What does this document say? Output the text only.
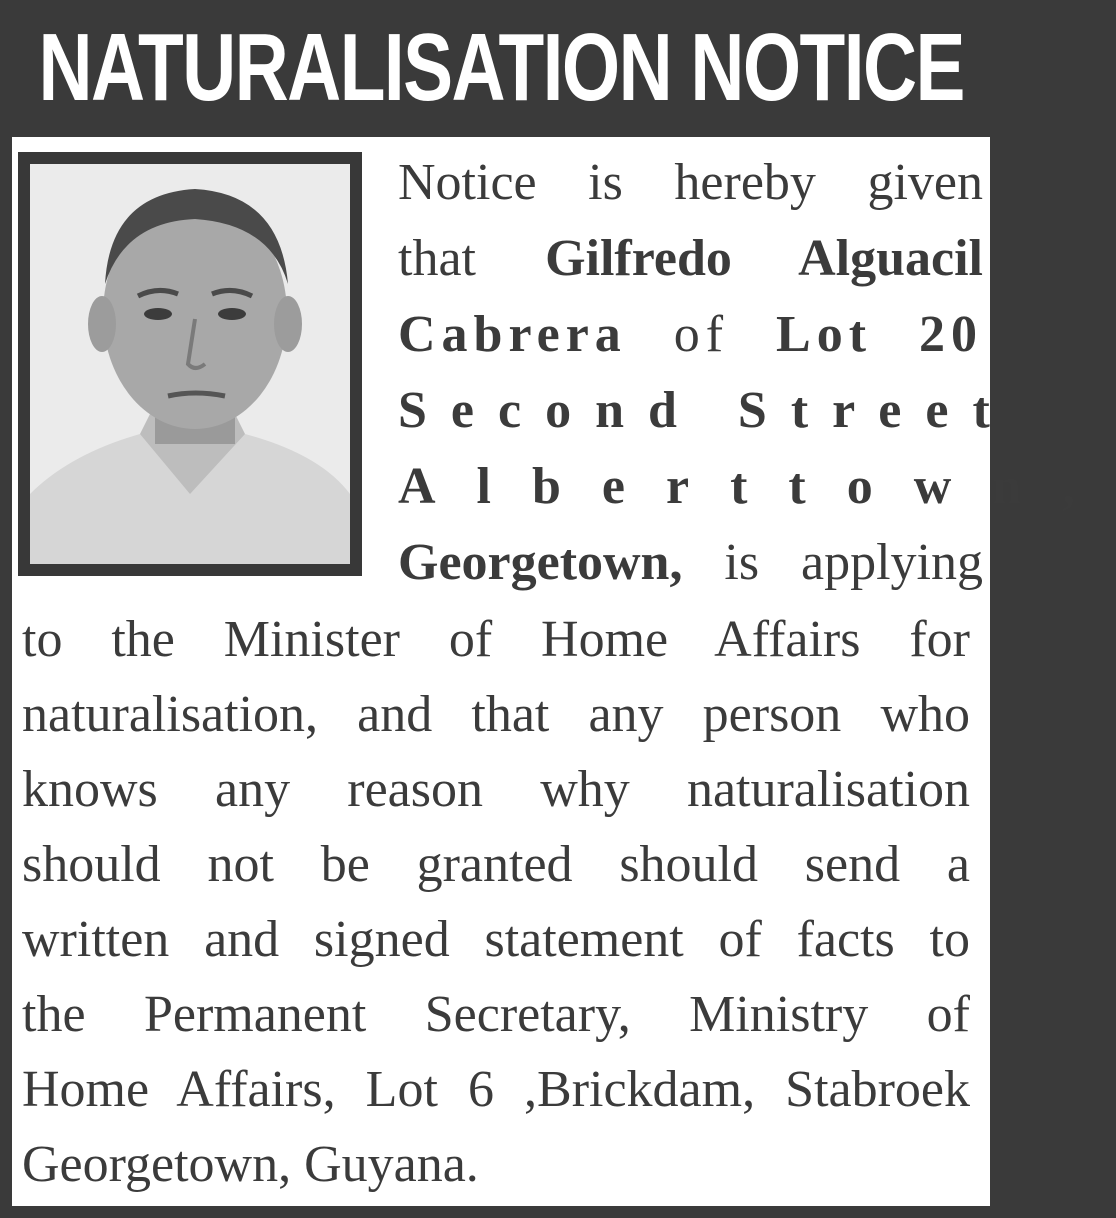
NATURALISATION NOTICE
Notice is hereby given
that Gilfredo Alguacil
Cabrera of Lot 20
Second Street
Alberttown,
Georgetown, is applying
to the Minister of Home Affairs for
naturalisation, and that any person who
knows any reason why naturalisation
should not be granted should send a
written and signed statement of facts to
the Permanent Secretary, Ministry of
Home Affairs, Lot 6 ,Brickdam, Stabroek
Georgetown, Guyana.
